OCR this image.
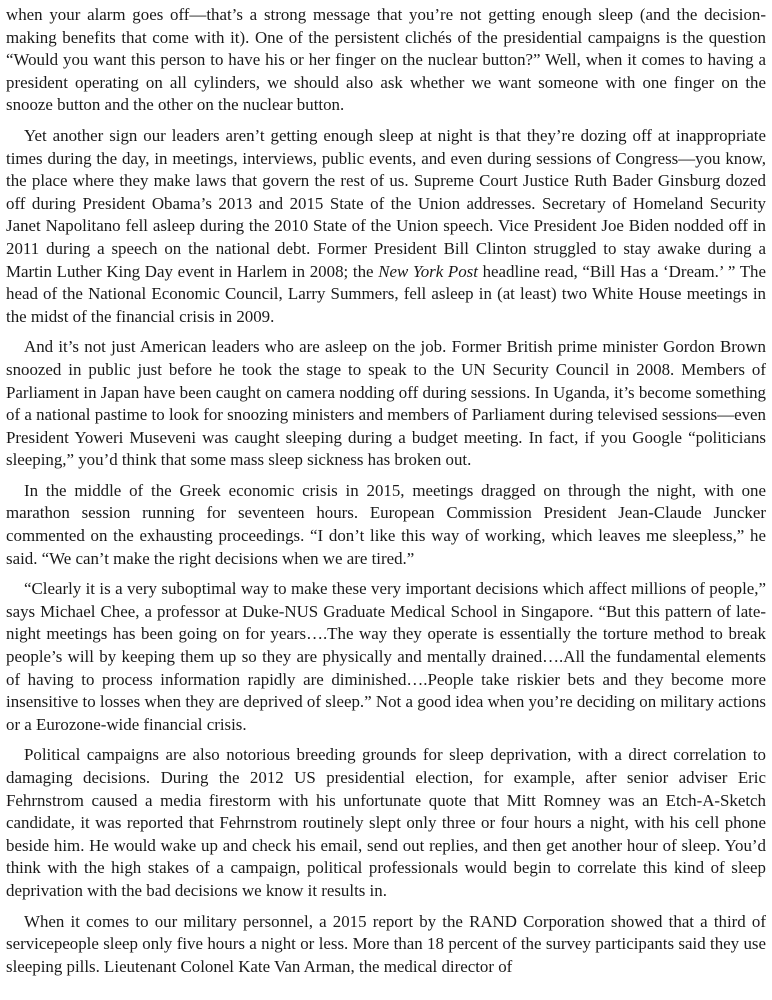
when your alarm goes off—that’s a strong message that you’re not getting enough sleep (and the decision-making benefits that come with it). One of the persistent clichés of the presidential campaigns is the question “Would you want this person to have his or her finger on the nuclear button?” Well, when it comes to having a president operating on all cylinders, we should also ask whether we want someone with one finger on the snooze button and the other on the nuclear button.

Yet another sign our leaders aren’t getting enough sleep at night is that they’re dozing off at inappropriate times during the day, in meetings, interviews, public events, and even during sessions of Congress—you know, the place where they make laws that govern the rest of us. Supreme Court Justice Ruth Bader Ginsburg dozed off during President Obama’s 2013 and 2015 State of the Union addresses. Secretary of Homeland Security Janet Napolitano fell asleep during the 2010 State of the Union speech. Vice President Joe Biden nodded off in 2011 during a speech on the national debt. Former President Bill Clinton struggled to stay awake during a Martin Luther King Day event in Harlem in 2008; the New York Post headline read, “Bill Has a ‘Dream.’ ” The head of the National Economic Council, Larry Summers, fell asleep in (at least) two White House meetings in the midst of the financial crisis in 2009.

And it’s not just American leaders who are asleep on the job. Former British prime minister Gordon Brown snoozed in public just before he took the stage to speak to the UN Security Council in 2008. Members of Parliament in Japan have been caught on camera nodding off during sessions. In Uganda, it’s become something of a national pastime to look for snoozing ministers and members of Parliament during televised sessions—even President Yoweri Museveni was caught sleeping during a budget meeting. In fact, if you Google “politicians sleeping,” you’d think that some mass sleep sickness has broken out.

In the middle of the Greek economic crisis in 2015, meetings dragged on through the night, with one marathon session running for seventeen hours. European Commission President Jean-Claude Juncker commented on the exhausting proceedings. “I don’t like this way of working, which leaves me sleepless,” he said. “We can’t make the right decisions when we are tired.”

“Clearly it is a very suboptimal way to make these very important decisions which affect millions of people,” says Michael Chee, a professor at Duke-NUS Graduate Medical School in Singapore. “But this pattern of late-night meetings has been going on for years….The way they operate is essentially the torture method to break people’s will by keeping them up so they are physically and mentally drained….All the fundamental elements of having to process information rapidly are diminished….People take riskier bets and they become more insensitive to losses when they are deprived of sleep.” Not a good idea when you’re deciding on military actions or a Eurozone-wide financial crisis.

Political campaigns are also notorious breeding grounds for sleep deprivation, with a direct correlation to damaging decisions. During the 2012 US presidential election, for example, after senior adviser Eric Fehrnstrom caused a media firestorm with his unfortunate quote that Mitt Romney was an Etch-A-Sketch candidate, it was reported that Fehrnstrom routinely slept only three or four hours a night, with his cell phone beside him. He would wake up and check his email, send out replies, and then get another hour of sleep. You’d think with the high stakes of a campaign, political professionals would begin to correlate this kind of sleep deprivation with the bad decisions we know it results in.

When it comes to our military personnel, a 2015 report by the RAND Corporation showed that a third of servicepeople sleep only five hours a night or less. More than 18 percent of the survey participants said they use sleeping pills. Lieutenant Colonel Kate Van Arman, the medical director of
